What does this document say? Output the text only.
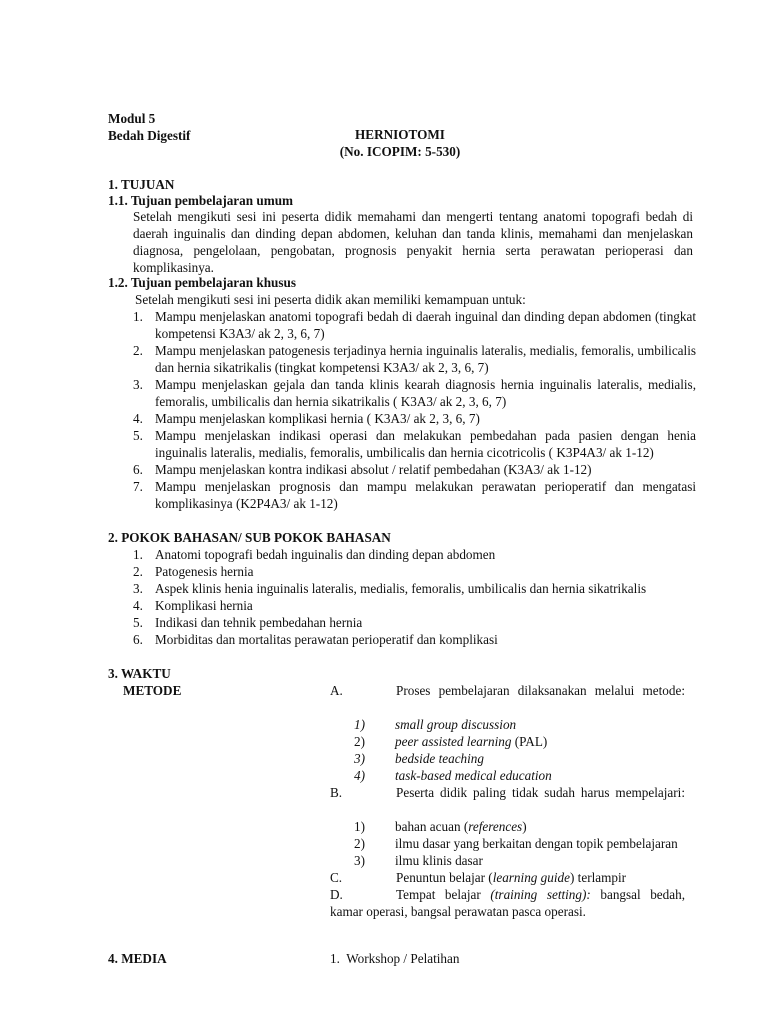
Modul 5
Bedah Digestif	HERNIOTOMI
(No. ICOPIM: 5-530)
1. TUJUAN
1.1. Tujuan pembelajaran umum
Setelah mengikuti sesi ini peserta didik memahami dan mengerti tentang anatomi topografi bedah di daerah inguinalis dan dinding depan abdomen, keluhan dan tanda klinis, memahami dan menjelaskan diagnosa, pengelolaan, pengobatan, prognosis penyakit hernia serta perawatan perioperasi dan komplikasinya.
1.2. Tujuan pembelajaran khusus
Setelah mengikuti sesi ini peserta didik akan memiliki kemampuan untuk:
1. Mampu menjelaskan anatomi topografi bedah di daerah inguinal dan dinding depan abdomen (tingkat kompetensi K3A3/ ak 2, 3, 6, 7)
2. Mampu menjelaskan patogenesis terjadinya hernia inguinalis lateralis, medialis, femoralis, umbilicalis dan hernia sikatrikalis (tingkat kompetensi K3A3/ ak 2, 3, 6, 7)
3. Mampu menjelaskan gejala dan tanda klinis kearah diagnosis hernia inguinalis lateralis, medialis, femoralis, umbilicalis dan hernia sikatrikalis ( K3A3/ ak 2, 3, 6, 7)
4. Mampu menjelaskan komplikasi hernia ( K3A3/ ak 2, 3, 6, 7)
5. Mampu menjelaskan indikasi operasi dan melakukan pembedahan pada pasien dengan henia inguinalis lateralis, medialis, femoralis, umbilicalis dan hernia cicotricolis ( K3P4A3/ ak 1-12)
6. Mampu menjelaskan kontra indikasi absolut / relatif pembedahan (K3A3/ ak 1-12)
7. Mampu menjelaskan prognosis dan mampu melakukan perawatan perioperatif dan mengatasi komplikasinya (K2P4A3/ ak 1-12)
2. POKOK BAHASAN/ SUB POKOK BAHASAN
1. Anatomi topografi bedah inguinalis dan dinding depan abdomen
2. Patogenesis hernia
3. Aspek klinis henia inguinalis lateralis, medialis, femoralis, umbilicalis dan hernia sikatrikalis
4. Komplikasi hernia
5. Indikasi dan tehnik pembedahan hernia
6. Morbiditas dan mortalitas perawatan perioperatif dan komplikasi
3. WAKTU
METODE	A.	Proses pembelajaran dilaksanakan melalui metode:
1)	small group discussion
2)	peer assisted learning (PAL)
3)	bedside teaching
4)	task-based medical education
B.	Peserta didik paling tidak sudah harus mempelajari:
1)	bahan acuan (references)
2)	ilmu dasar yang berkaitan dengan topik pembelajaran
3)	ilmu klinis dasar
C.	Penuntun belajar (learning guide) terlampir
D.	Tempat belajar (training setting): bangsal bedah, kamar operasi, bangsal perawatan pasca operasi.
4. MEDIA	1. Workshop / Pelatihan
